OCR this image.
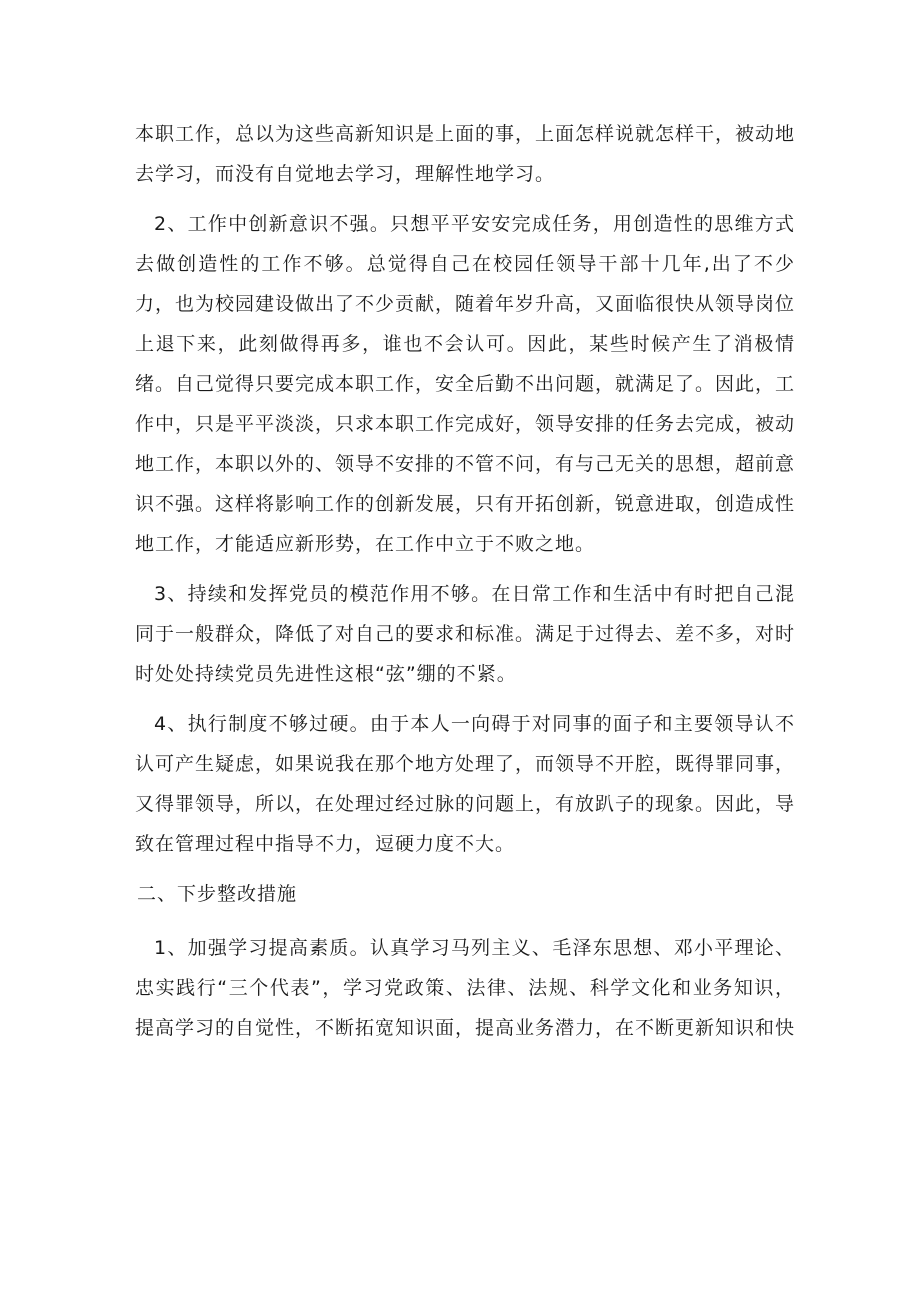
本职工作，总以为这些高新知识是上面的事，上面怎样说就怎样干，被动地去学习，而没有自觉地去学习，理解性地学习。

2、工作中创新意识不强。只想平平安安完成任务，用创造性的思维方式去做创造性的工作不够。总觉得自己在校园任领导干部十几年,出了不少力，也为校园建设做出了不少贡献，随着年岁升高，又面临很快从领导岗位上退下来，此刻做得再多，谁也不会认可。因此，某些时候产生了消极情绪。自己觉得只要完成本职工作，安全后勤不出问题，就满足了。因此，工作中，只是平平淡淡，只求本职工作完成好，领导安排的任务去完成，被动地工作，本职以外的、领导不安排的不管不问，有与己无关的思想，超前意识不强。这样将影响工作的创新发展，只有开拓创新，锐意进取，创造成性地工作，才能适应新形势，在工作中立于不败之地。

3、持续和发挥党员的模范作用不够。在日常工作和生活中有时把自己混同于一般群众，降低了对自己的要求和标准。满足于过得去、差不多，对时时处处持续党员先进性这根“弦”绷的不紧。

4、执行制度不够过硬。由于本人一向碍于对同事的面子和主要领导认不认可产生疑虑，如果说我在那个地方处理了，而领导不开腔，既得罪同事，又得罪领导，所以，在处理过经过脉的问题上，有放趴子的现象。因此，导致在管理过程中指导不力，逗硬力度不大。

二、下步整改措施

1、加强学习提高素质。认真学习马列主义、毛泽东思想、邓小平理论、忠实践行“三个代表”，学习党政策、法律、法规、科学文化和业务知识，提高学习的自觉性，不断拓宽知识面，提高业务潜力，在不断更新知识和快
